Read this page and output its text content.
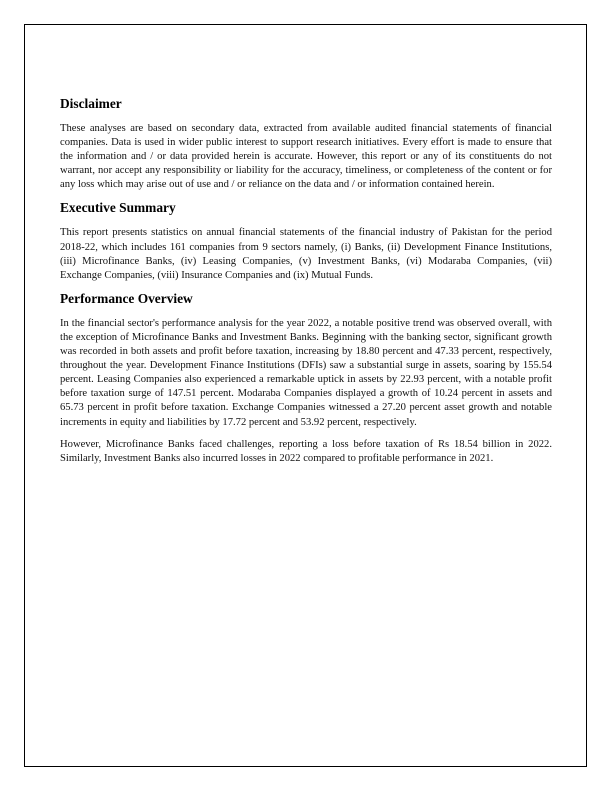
Disclaimer

These analyses are based on secondary data, extracted from available audited financial statements of financial companies. Data is used in wider public interest to support research initiatives. Every effort is made to ensure that the information and / or data provided herein is accurate. However, this report or any of its constituents do not warrant, nor accept any responsibility or liability for the accuracy, timeliness, or completeness of the content or for any loss which may arise out of use and / or reliance on the data and / or information contained herein.

Executive Summary

This report presents statistics on annual financial statements of the financial industry of Pakistan for the period 2018-22, which includes 161 companies from 9 sectors namely, (i) Banks, (ii) Development Finance Institutions, (iii) Microfinance Banks, (iv) Leasing Companies, (v) Investment Banks, (vi) Modaraba Companies, (vii) Exchange Companies, (viii) Insurance Companies and (ix) Mutual Funds.

Performance Overview

In the financial sector's performance analysis for the year 2022, a notable positive trend was observed overall, with the exception of Microfinance Banks and Investment Banks. Beginning with the banking sector, significant growth was recorded in both assets and profit before taxation, increasing by 18.80 percent and 47.33 percent, respectively, throughout the year. Development Finance Institutions (DFIs) saw a substantial surge in assets, soaring by 155.54 percent. Leasing Companies also experienced a remarkable uptick in assets by 22.93 percent, with a notable profit before taxation surge of 147.51 percent. Modaraba Companies displayed a growth of 10.24 percent in assets and 65.73 percent in profit before taxation. Exchange Companies witnessed a 27.20 percent asset growth and notable increments in equity and liabilities by 17.72 percent and 53.92 percent, respectively.

However, Microfinance Banks faced challenges, reporting a loss before taxation of Rs 18.54 billion in 2022. Similarly, Investment Banks also incurred losses in 2022 compared to profitable performance in 2021.
